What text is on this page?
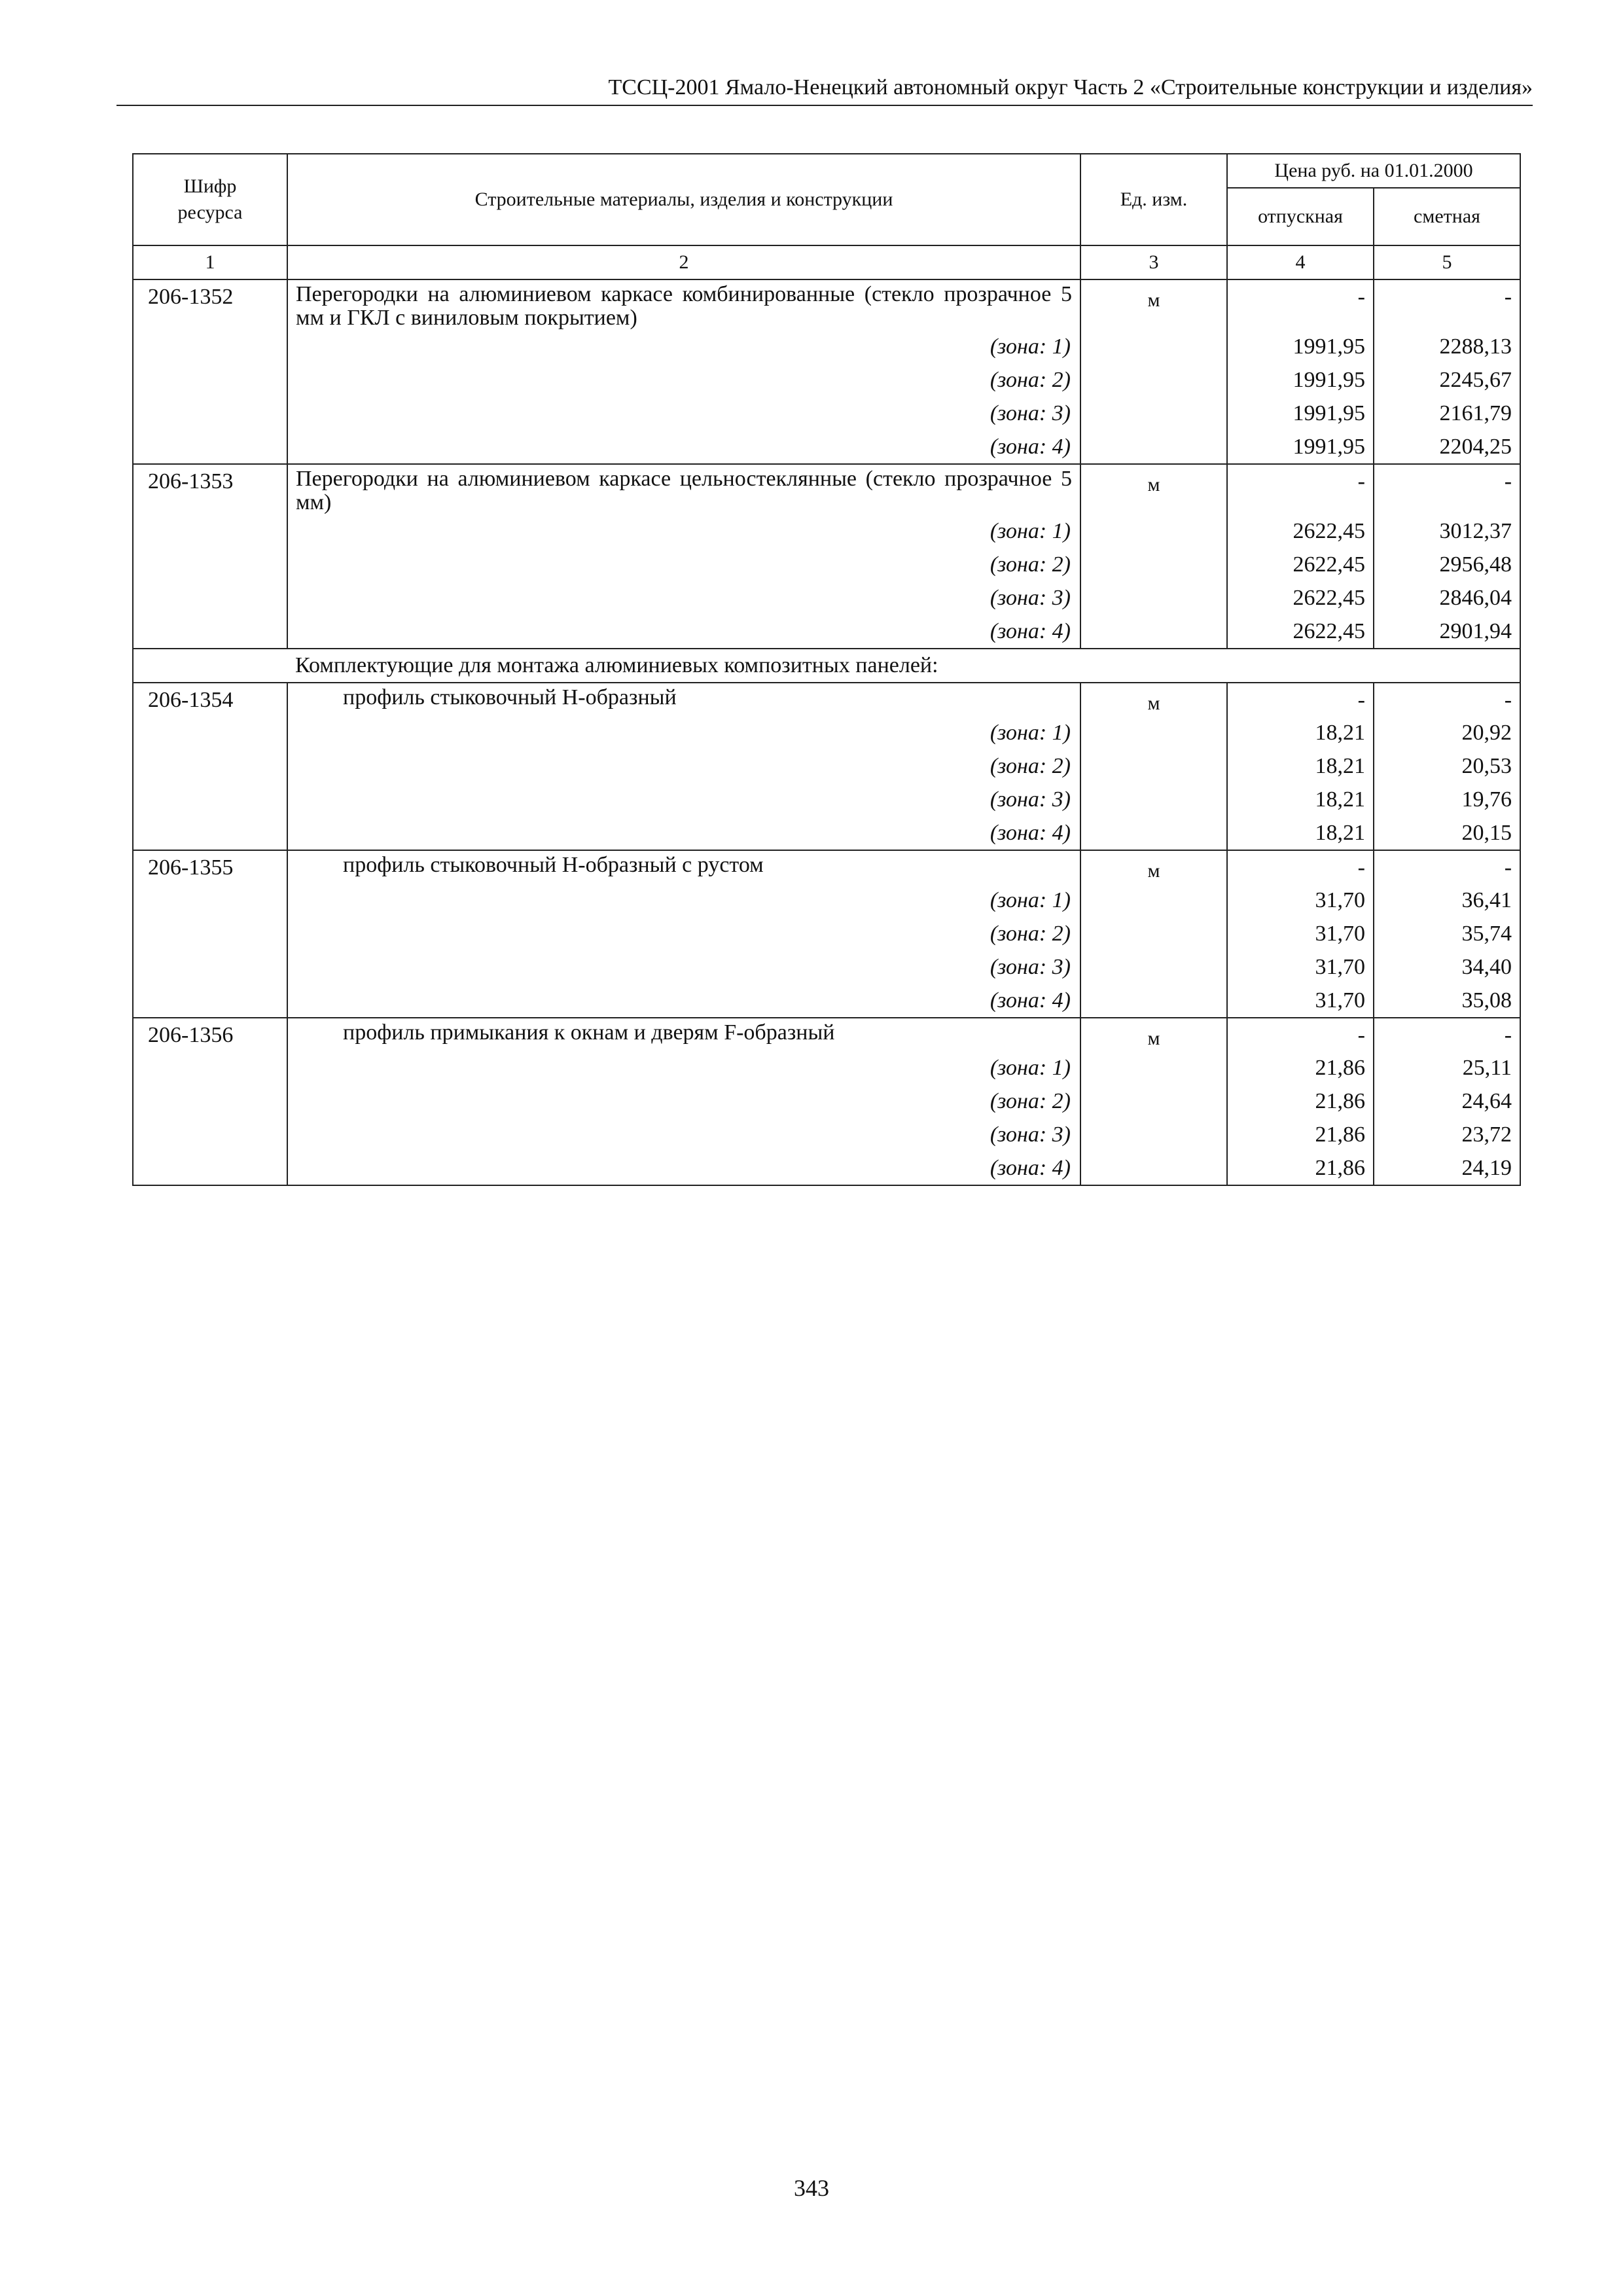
ТССЦ-2001 Ямало-Ненецкий автономный округ Часть 2 «Строительные конструкции и изделия»
Шифр ресурса	Строительные материалы, изделия и конструкции	Ед. изм.	Цена руб. на 01.01.2000	
			отпускная	сметная
1	2	3	4	5
206-1352	Перегородки на алюминиевом каркасе комбинированные (стекло прозрачное 5 мм и ГКЛ с виниловым покрытием)	м	-	-
	(зона: 1)		1991,95	2288,13
	(зона: 2)		1991,95	2245,67
	(зона: 3)		1991,95	2161,79
	(зона: 4)		1991,95	2204,25
206-1353	Перегородки на алюминиевом каркасе цельностеклянные (стекло прозрачное 5 мм)	м	-	-
	(зона: 1)		2622,45	3012,37
	(зона: 2)		2622,45	2956,48
	(зона: 3)		2622,45	2846,04
	(зона: 4)		2622,45	2901,94
	Комплектующие для монтажа алюминиевых композитных панелей:			
206-1354	профиль стыковочный Н-образный	м	-	-
	(зона: 1)		18,21	20,92
	(зона: 2)		18,21	20,53
	(зона: 3)		18,21	19,76
	(зона: 4)		18,21	20,15
206-1355	профиль стыковочный Н-образный с рустом	м	-	-
	(зона: 1)		31,70	36,41
	(зона: 2)		31,70	35,74
	(зона: 3)		31,70	34,40
	(зона: 4)		31,70	35,08
206-1356	профиль примыкания к окнам и дверям F-образный	м	-	-
	(зона: 1)		21,86	25,11
	(зона: 2)		21,86	24,64
	(зона: 3)		21,86	23,72
	(зона: 4)		21,86	24,19
343
